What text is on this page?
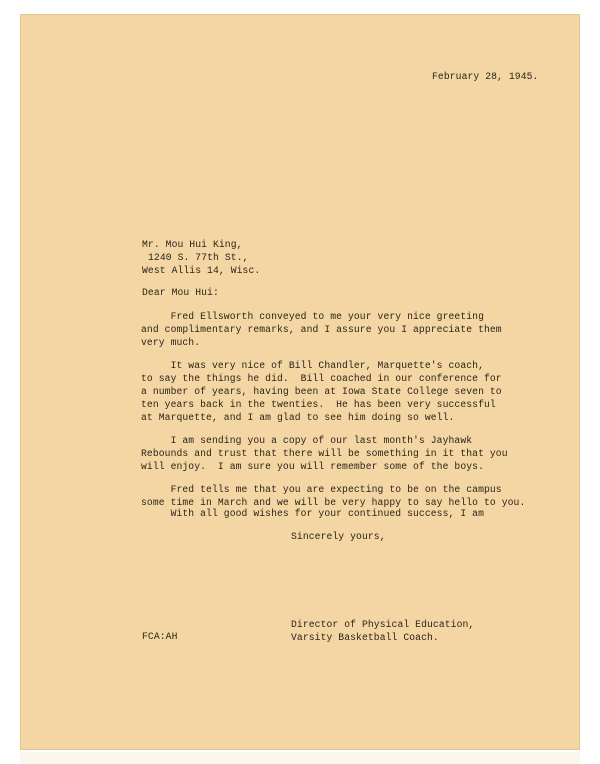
February 28, 1945.
Mr. Mou Hui King,
1240 S. 77th St.,
West Allis 14, Wisc.
Dear Mou Hui:
Fred Ellsworth conveyed to me your very nice greeting
and complimentary remarks, and I assure you I appreciate them
very much.
It was very nice of Bill Chandler, Marquette's coach,
to say the things he did.  Bill coached in our conference for
a number of years, having been at Iowa State College seven to
ten years back in the twenties.  He has been very successful
at Marquette, and I am glad to see him doing so well.
I am sending you a copy of our last month's Jayhawk
Rebounds and trust that there will be something in it that you
will enjoy.  I am sure you will remember some of the boys.
Fred tells me that you are expecting to be on the campus
some time in March and we will be very happy to say hello to you.
With all good wishes for your continued success, I am
Sincerely yours,
Director of Physical Education,
Varsity Basketball Coach.
FCA:AH
